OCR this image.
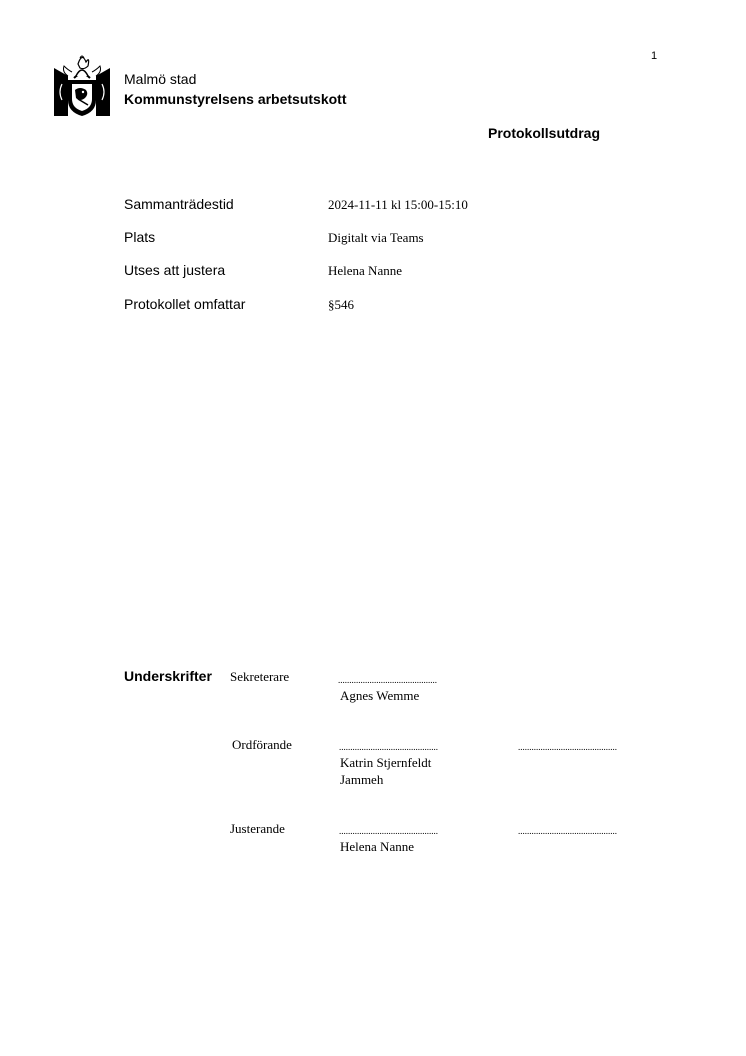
1
Malmö stad
Kommunstyrelsens arbetsutskott
Protokollsutdrag
Sammanträdestid	2024-11-11 kl 15:00-15:10
Plats	Digitalt via Teams
Utses att justera	Helena Nanne
Protokollet omfattar	§546
Underskrifter Sekreterare	............................................
Agnes Wemme
Ordförande	............................................	............................................
Katrin Stjernfeldt
Jammeh
Justerande	............................................	............................................
Helena Nanne
